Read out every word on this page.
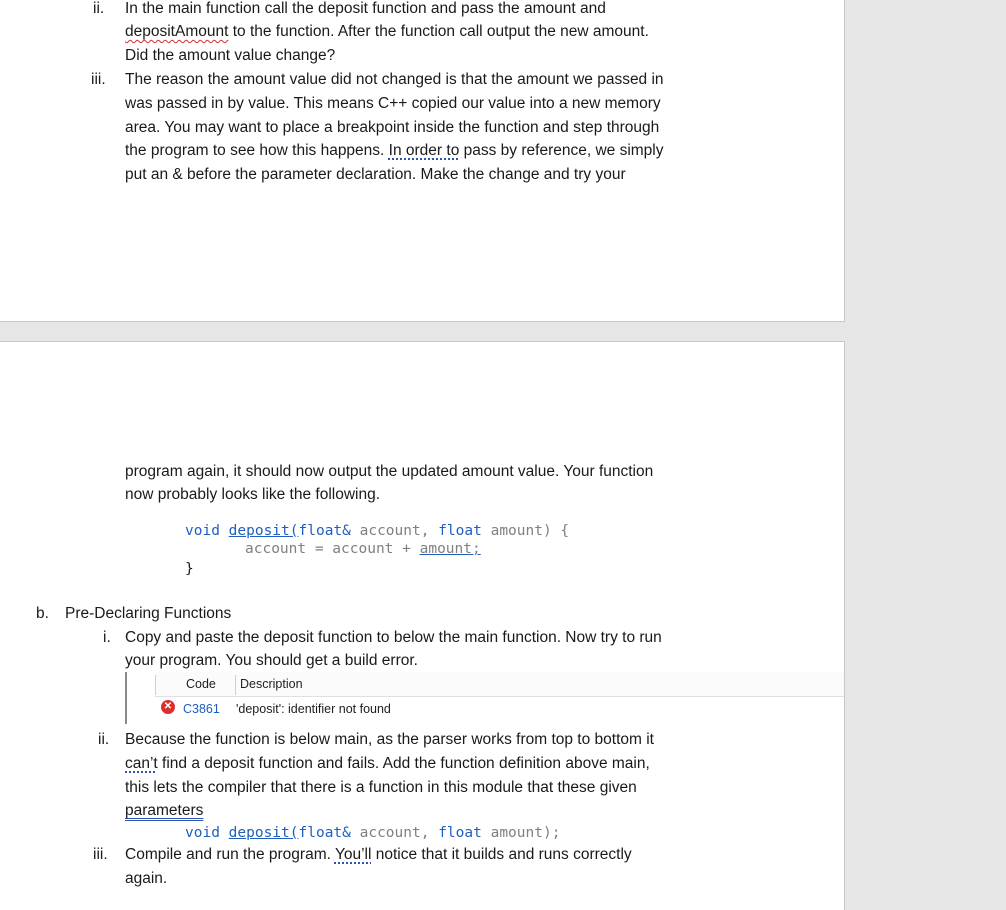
ii. In the main function call the deposit function and pass the amount and
depositAmount to the function. After the function call output the new amount.
Did the amount value change?
iii. The reason the amount value did not changed is that the amount we passed in
was passed in by value. This means C++ copied our value into a new memory
area. You may want to place a breakpoint inside the function and step through
the program to see how this happens. In order to pass by reference, we simply
put an & before the parameter declaration. Make the change and try your
program again, it should now output the updated amount value. Your function
now probably looks like the following.
void deposit(float& account, float amount) {
account = account + amount;
}
b. Pre-Declaring Functions
i. Copy and paste the deposit function to below the main function. Now try to run
your program. You should get a build error.
Code Description
✕ C3861 'deposit': identifier not found
ii. Because the function is below main, as the parser works from top to bottom it
can’t find a deposit function and fails. Add the function definition above main,
this lets the compiler that there is a function in this module that these given
parameters
void deposit(float& account, float amount);
iii. Compile and run the program. You’ll notice that it builds and runs correctly
again.
